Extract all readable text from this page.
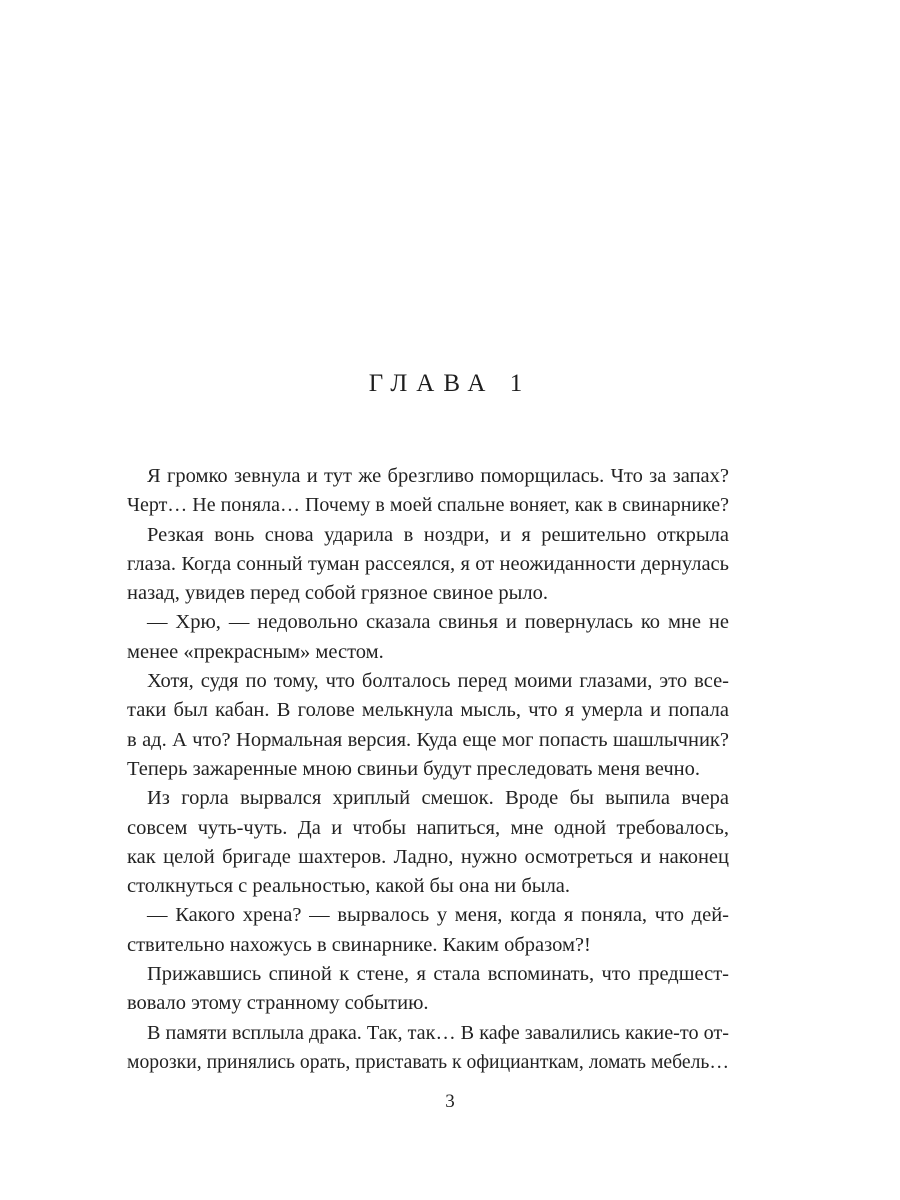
ГЛАВА 1
Я громко зевнула и тут же брезгливо поморщилась. Что за запах?
Черт… Не поняла… Почему в моей спальне воняет, как в свинарнике?
Резкая вонь снова ударила в ноздри, и я решительно открыла
глаза. Когда сонный туман рассеялся, я от неожиданности дернулась
назад, увидев перед собой грязное свиное рыло.
— Хрю, — недовольно сказала свинья и повернулась ко мне не
менее «прекрасным» местом.
Хотя, судя по тому, что болталось перед моими глазами, это все-
таки был кабан. В голове мелькнула мысль, что я умерла и попала
в ад. А что? Нормальная версия. Куда еще мог попасть шашлычник?
Теперь зажаренные мною свиньи будут преследовать меня вечно.
Из горла вырвался хриплый смешок. Вроде бы выпила вчера
совсем чуть-чуть. Да и чтобы напиться, мне одной требовалось,
как целой бригаде шахтеров. Ладно, нужно осмотреться и наконец
столкнуться с реальностью, какой бы она ни была.
— Какого хрена? — вырвалось у меня, когда я поняла, что дей-
ствительно нахожусь в свинарнике. Каким образом?!
Прижавшись спиной к стене, я стала вспоминать, что предшест-
вовало этому странному событию.
В памяти всплыла драка. Так, так… В кафе завалились какие-то от-
морозки, принялись орать, приставать к официанткам, ломать мебель…
3
